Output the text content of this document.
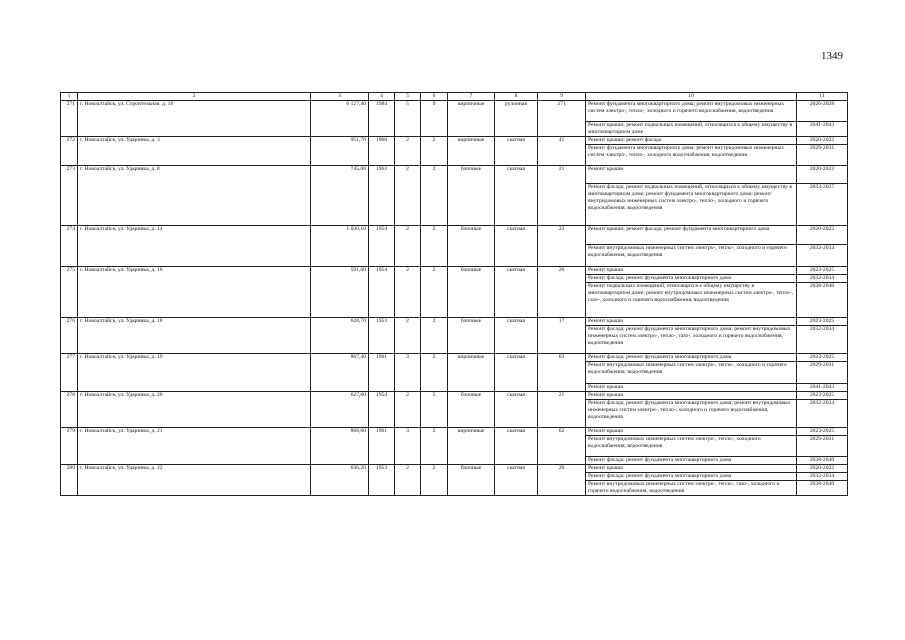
1349
1	2	3	4	5	6	7	8	9	10	11
271	г. Новоалтайск, ул. Строительная, д. 16	6 127,40	1984	5	9	кирпичные	рулонная	271	Ремонт фундамента многоквартирного дома; ремонт внутридомовых инженерных систем электро-, тепло-, холодного и горячего водоснабжения, водоотведения	2026-2028
									Ремонт крыши; ремонт подвальных помещений, относящихся к общему имуществу в многоквартирном доме	2041-2043
272	г. Новоалтайск, ул. Ударника, д. 3	951,70	1968	2	2	кирпичные	скатная	41	Ремонт крыши; ремонт фасада	2020-2022
									Ремонт фундамента многоквартирного дома; ремонт внутридомовых инженерных систем электро-, тепло-, холодного водоснабжения, водоотведения	2029-2031
273	г. Новоалтайск, ул. Ударника, д. 8	745,00	1963	2	2	блочные	скатная	21	Ремонт крыши	2020-2022
									Ремонт фасада; ремонт подвальных помещений, относящихся к общему имуществу в многоквартирном доме; ремонт фундамента многоквартирного дома; ремонт внутридомовых инженерных систем электро-, тепло-, холодного и горячего водоснабжения, водоотведения	2033-2037
274	г. Новоалтайск, ул. Ударника, д. 14	1 030,10	1954	2	2	блочные	скатная	23	Ремонт крыши; ремонт фасада; ремонт фундамента многоквартирного дома	2020-2022
									Ремонт внутридомовых инженерных систем электро-, тепло-, холодного и горячего водоснабжения, водоотведения	2032-2034
275	г. Новоалтайск, ул. Ударника, д. 16	591,60	1954	2	2	блочные	скатная	26	Ремонт крыши	2023-2025
									Ремонт фасада; ремонт фундамента многоквартирного дома	2032-2034
									Ремонт подвальных помещений, относящихся к общему имуществу в многоквартирном доме; ремонт внутридомовых инженерных систем электро-, тепло-, газо-, холодного и горячего водоснабжения, водоотведения	2038-2040
276	г. Новоалтайск, ул. Ударника, д. 18	628,70	1953	2	2	блочные	скатная	17	Ремонт крыши	2023-2025
									Ремонт фасада; ремонт фундамента многоквартирного дома; ремонт внутридомовых инженерных систем электро-, тепло-, газо-, холодного и горячего водоснабжения, водоотведения	2032-2034
277	г. Новоалтайск, ул. Ударника, д. 19	867,40	1961	3	2	кирпичные	скатная	63	Ремонт фасада; ремонт фундамента многоквартирного дома	2023-2025
									Ремонт внутридомовых инженерных систем электро-, тепло-, холодного и горячего водоснабжения, водоотведения	2029-2031
									Ремонт крыши	2041-2043
278	г. Новоалтайск, ул. Ударника, д. 20	627,60	1954	2	2	блочные	скатная	21	Ремонт крыши	2023-2025
									Ремонт фасада; ремонт фундамента многоквартирного дома; ремонт внутридомовых инженерных систем электро-, тепло-, холодного и горячего водоснабжения, водоотведения	2032-2034
279	г. Новоалтайск, ул. Ударника, д. 21	868,60	1961	3	2	кирпичные	скатная	62	Ремонт крыши	2023-2025
									Ремонт внутридомовых инженерных систем электро-, тепло-, холодного водоснабжения, водоотведения	2029-2031
									Ремонт фасада; ремонт фундамента многоквартирного дома	2038-2040
280	г. Новоалтайск, ул. Ударника, д. 22	636,20	1953	2	2	блочные	скатная	20	Ремонт крыши	2020-2022
									Ремонт фасада; ремонт фундамента многоквартирного дома	2032-2034
									Ремонт внутридомовых инженерных систем электро-, тепло-, газо-, холодного и горячего водоснабжения, водоотведения	2038-2040
